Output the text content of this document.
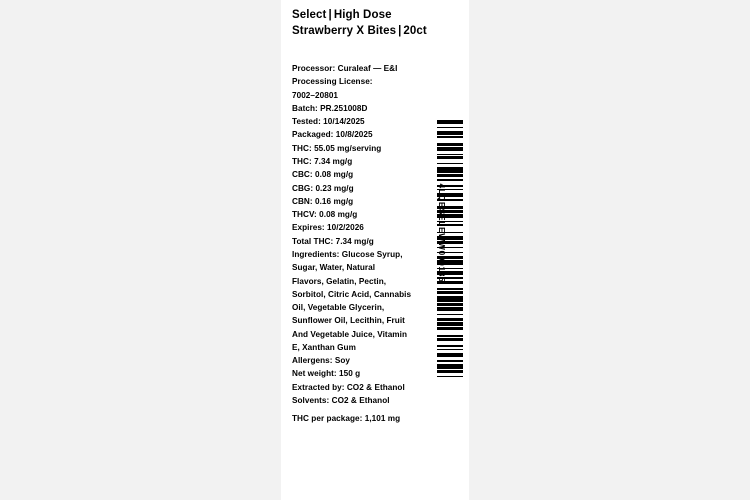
Select | High Dose
Strawberry X Bites | 20ct
Processor: Curaleaf — E&I
Processing License:
7002–20801
Batch: PR.251008D
Tested: 10/14/2025
Packaged: 10/8/2025
THC: 55.05 mg/serving
THC: 7.34 mg/g
CBC: 0.08 mg/g
CBG: 0.23 mg/g
CBN: 0.16 mg/g
THCV: 0.08 mg/g
Expires: 10/2/2026
Total THC: 7.34 mg/g
Ingredients: Glucose Syrup,
Sugar, Water, Natural
Flavors, Gelatin, Pectin,
Sorbitol, Citric Acid, Cannabis
Oil, Vegetable Glycerin,
Sunflower Oil, Lecithin, Fruit
And Vegetable Juice, Vitamin
E, Xanthan Gum
Allergens: Soy
Net weight: 150 g
Extracted by: CO2 & Ethanol
Solvents: CO2 & Ethanol
THC per package: 1,101 mg
4LQBSELEWW000135
